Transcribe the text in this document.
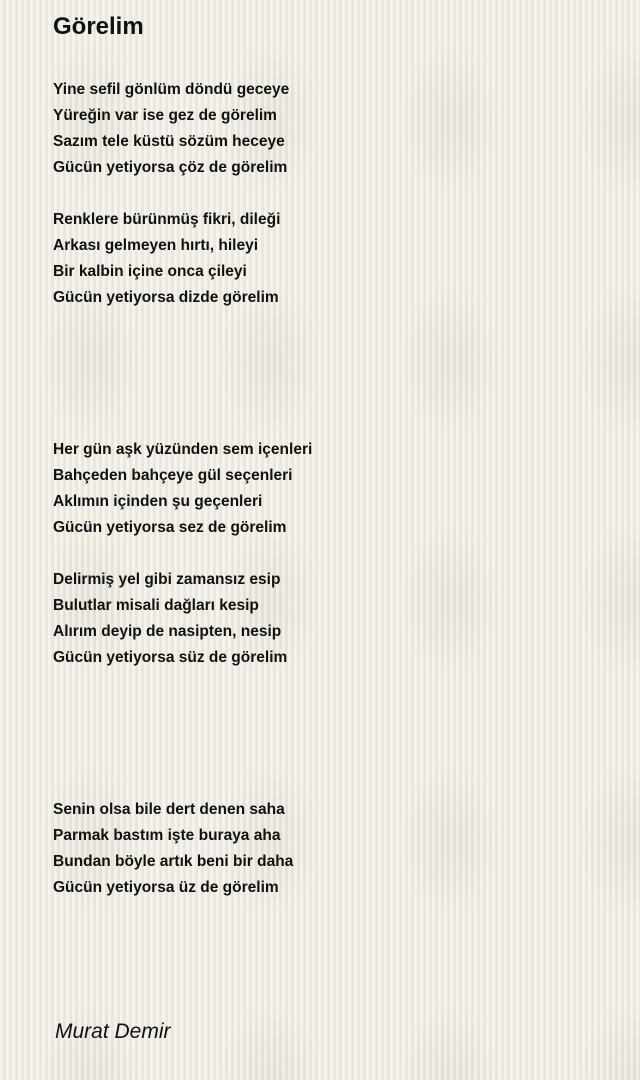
Görelim
Yine sefil gönlüm döndü geceye
Yüreğin var ise gez de görelim
Sazım tele küstü sözüm heceye
Gücün yetiyorsa çöz de görelim
Renklere bürünmüş fikri, dileği
Arkası gelmeyen hırtı, hileyi
Bir kalbin içine onca çileyi
Gücün yetiyorsa dizde görelim
Her gün aşk yüzünden sem içenleri
Bahçeden bahçeye gül seçenleri
Aklımın içinden şu geçenleri
Gücün yetiyorsa sez de görelim
Delirmiş yel gibi zamansız esip
Bulutlar misali dağları kesip
Alırım deyip de nasipten, nesip
Gücün yetiyorsa süz de görelim
Senin olsa bile dert denen saha
Parmak bastım işte buraya aha
Bundan böyle artık beni bir daha
Gücün yetiyorsa üz de görelim

Murat Demir
